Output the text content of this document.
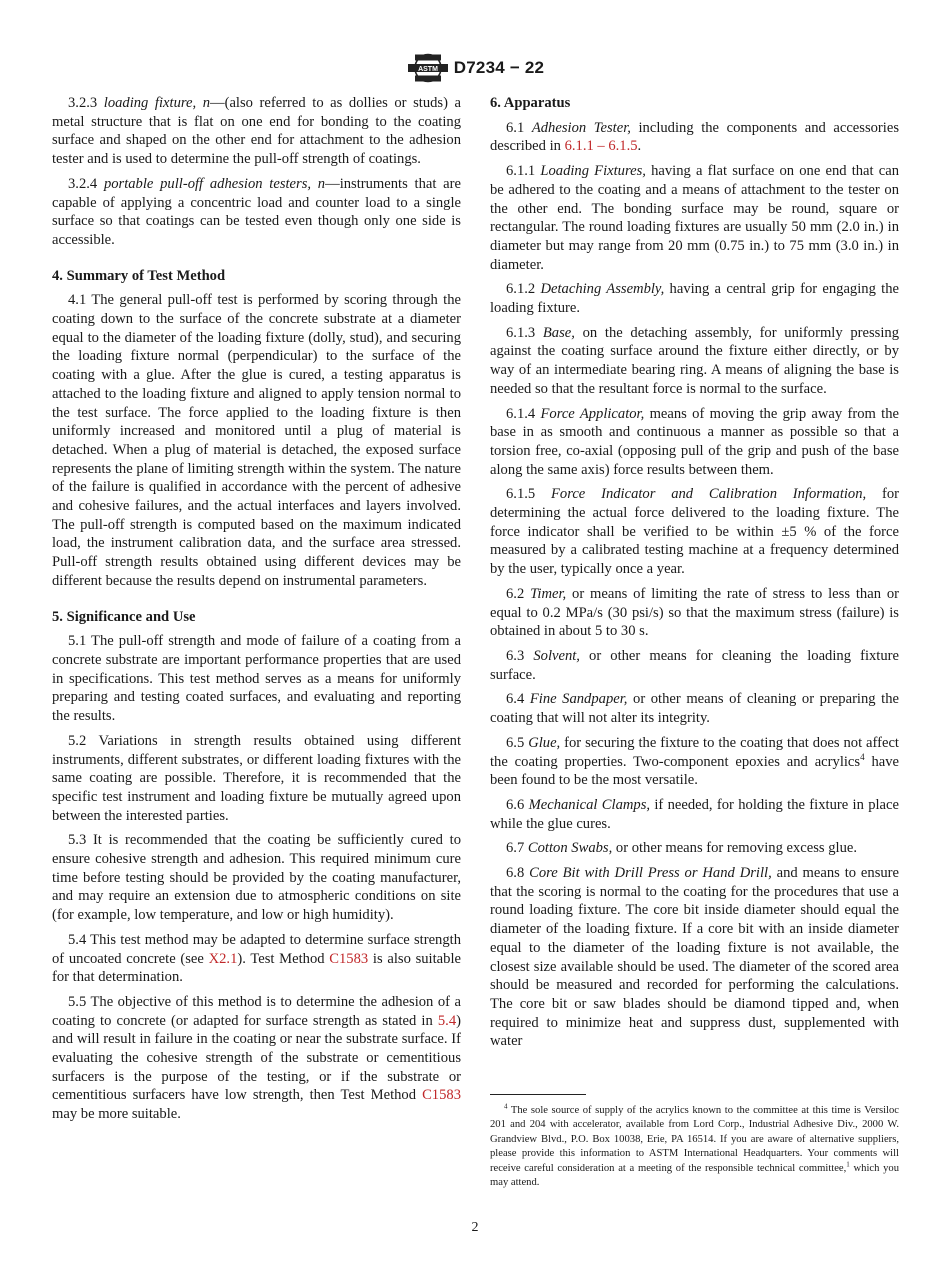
ASTM D7234 − 22

3.2.3 loading fixture, n—(also referred to as dollies or studs) a metal structure that is flat on one end for bonding to the coating surface and shaped on the other end for attachment to the adhesion tester and is used to determine the pull-off strength of coatings.

3.2.4 portable pull-off adhesion testers, n—instruments that are capable of applying a concentric load and counter load to a single surface so that coatings can be tested even though only one side is accessible.

4. Summary of Test Method

4.1 The general pull-off test is performed by scoring through the coating down to the surface of the concrete substrate at a diameter equal to the diameter of the loading fixture (dolly, stud), and securing the loading fixture normal (perpendicular) to the surface of the coating with a glue. After the glue is cured, a testing apparatus is attached to the loading fixture and aligned to apply tension normal to the test surface. The force applied to the loading fixture is then uniformly increased and monitored until a plug of material is detached. When a plug of material is detached, the exposed surface represents the plane of limiting strength within the system. The nature of the failure is qualified in accordance with the percent of adhesive and cohesive failures, and the actual interfaces and layers involved. The pull-off strength is computed based on the maximum indicated load, the instrument calibration data, and the surface area stressed. Pull-off strength results obtained using different devices may be different because the results depend on instrumental parameters.

5. Significance and Use

5.1 The pull-off strength and mode of failure of a coating from a concrete substrate are important performance properties that are used in specifications. This test method serves as a means for uniformly preparing and testing coated surfaces, and evaluating and reporting the results.

5.2 Variations in strength results obtained using different instruments, different substrates, or different loading fixtures with the same coating are possible. Therefore, it is recommended that the specific test instrument and loading fixture be mutually agreed upon between the interested parties.

5.3 It is recommended that the coating be sufficiently cured to ensure cohesive strength and adhesion. This required minimum cure time before testing should be provided by the coating manufacturer, and may require an extension due to atmospheric conditions on site (for example, low temperature, and low or high humidity).

5.4 This test method may be adapted to determine surface strength of uncoated concrete (see X2.1). Test Method C1583 is also suitable for that determination.

5.5 The objective of this method is to determine the adhesion of a coating to concrete (or adapted for surface strength as stated in 5.4) and will result in failure in the coating or near the substrate surface. If evaluating the cohesive strength of the substrate or cementitious surfacers is the purpose of the testing, or if the substrate or cementitious surfacers have low strength, then Test Method C1583 may be more suitable.

6. Apparatus

6.1 Adhesion Tester, including the components and accessories described in 6.1.1 – 6.1.5.

6.1.1 Loading Fixtures, having a flat surface on one end that can be adhered to the coating and a means of attachment to the tester on the other end. The bonding surface may be round, square or rectangular. The round loading fixtures are usually 50 mm (2.0 in.) in diameter but may range from 20 mm (0.75 in.) to 75 mm (3.0 in.) in diameter.

6.1.2 Detaching Assembly, having a central grip for engaging the loading fixture.

6.1.3 Base, on the detaching assembly, for uniformly pressing against the coating surface around the fixture either directly, or by way of an intermediate bearing ring. A means of aligning the base is needed so that the resultant force is normal to the surface.

6.1.4 Force Applicator, means of moving the grip away from the base in as smooth and continuous a manner as possible so that a torsion free, co-axial (opposing pull of the grip and push of the base along the same axis) force results between them.

6.1.5 Force Indicator and Calibration Information, for determining the actual force delivered to the loading fixture. The force indicator shall be verified to be within ±5 % of the force measured by a calibrated testing machine at a frequency determined by the user, typically once a year.

6.2 Timer, or means of limiting the rate of stress to less than or equal to 0.2 MPa/s (30 psi/s) so that the maximum stress (failure) is obtained in about 5 to 30 s.

6.3 Solvent, or other means for cleaning the loading fixture surface.

6.4 Fine Sandpaper, or other means of cleaning or preparing the coating that will not alter its integrity.

6.5 Glue, for securing the fixture to the coating that does not affect the coating properties. Two-component epoxies and acrylics$^4$ have been found to be the most versatile.

6.6 Mechanical Clamps, if needed, for holding the fixture in place while the glue cures.

6.7 Cotton Swabs, or other means for removing excess glue.

6.8 Core Bit with Drill Press or Hand Drill, and means to ensure that the scoring is normal to the coating for the procedures that use a round loading fixture. The core bit inside diameter should equal the diameter of the loading fixture. If a core bit with an inside diameter equal to the diameter of the loading fixture is not available, the closest size available should be used. The diameter of the scored area should be measured and recorded for performing the calculations. The core bit or saw blades should be diamond tipped and, when required to minimize heat and suppress dust, supplemented with water

$^4$ The sole source of supply of the acrylics known to the committee at this time is Versiloc 201 and 204 with accelerator, available from Lord Corp., Industrial Adhesive Div., 2000 W. Grandview Blvd., P.O. Box 10038, Erie, PA 16514. If you are aware of alternative suppliers, please provide this information to ASTM International Headquarters. Your comments will receive careful consideration at a meeting of the responsible technical committee,$^1$ which you may attend.
2
